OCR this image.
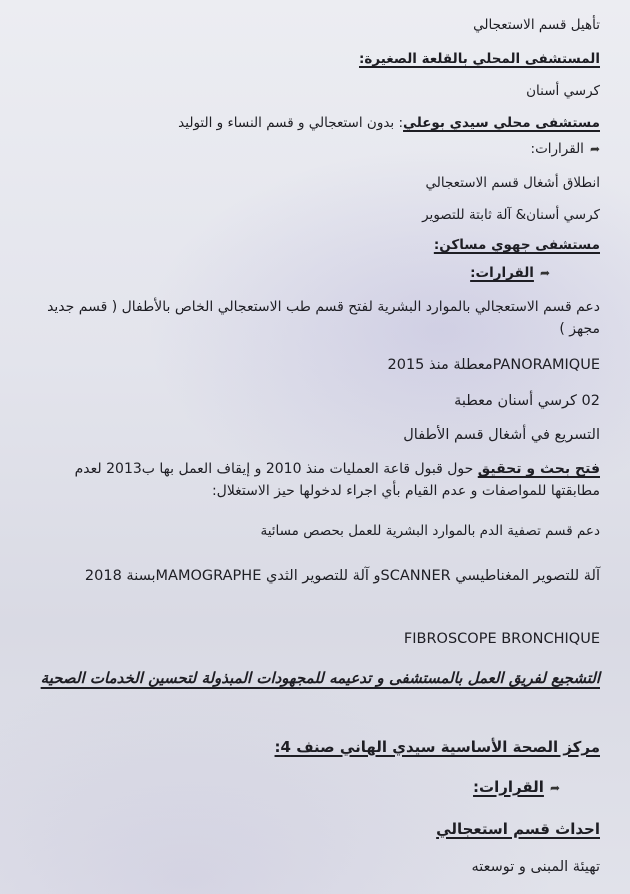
تأهيل قسم الاستعجالي
المستشفى المحلي بالقلعة الصغيرة:
كرسي أسنان
مستشفى محلي سيدي بوعلي: بدون استعجالي و قسم النساء و التوليد
➦القرارات:
انطلاق أشغال قسم الاستعجالي
كرسي أسنان& آلة ثابتة للتصوير
مستشفى جهوي مساكن:
➦القرارات:
دعم قسم الاستعجالي بالموارد البشرية لفتح قسم طب الاستعجالي الخاص بالأطفال ( قسم جديد مجهز )
PANORAMIQUEمعطلة منذ 2015
02 كرسي أسنان معطبة
التسريع في أشغال قسم الأطفال
فتح بحث و تحقيق حول قبول قاعة العمليات منذ 2010 و إيقاف العمل بها ب2013 لعدم مطابقتها للمواصفات و عدم القيام بأي اجراء لدخولها حيز الاستغلال:
دعم قسم تصفية الدم بالموارد البشرية للعمل بحصص مسائية
آلة للتصوير المغناطيسي SCANNERو آلة للتصوير الثدي MAMOGRAPHEبسنة 2018
FIBROSCOPE BRONCHIQUE
التشجيع لفريق العمل بالمستشفى و تدعيمه للمجهودات المبذولة لتحسين الخدمات الصحية
مركز الصحة الأساسية سيدي الهاني صنف 4:
➦القرارات:
احداث قسم استعجالي
تهيئة المبنى و توسعته
